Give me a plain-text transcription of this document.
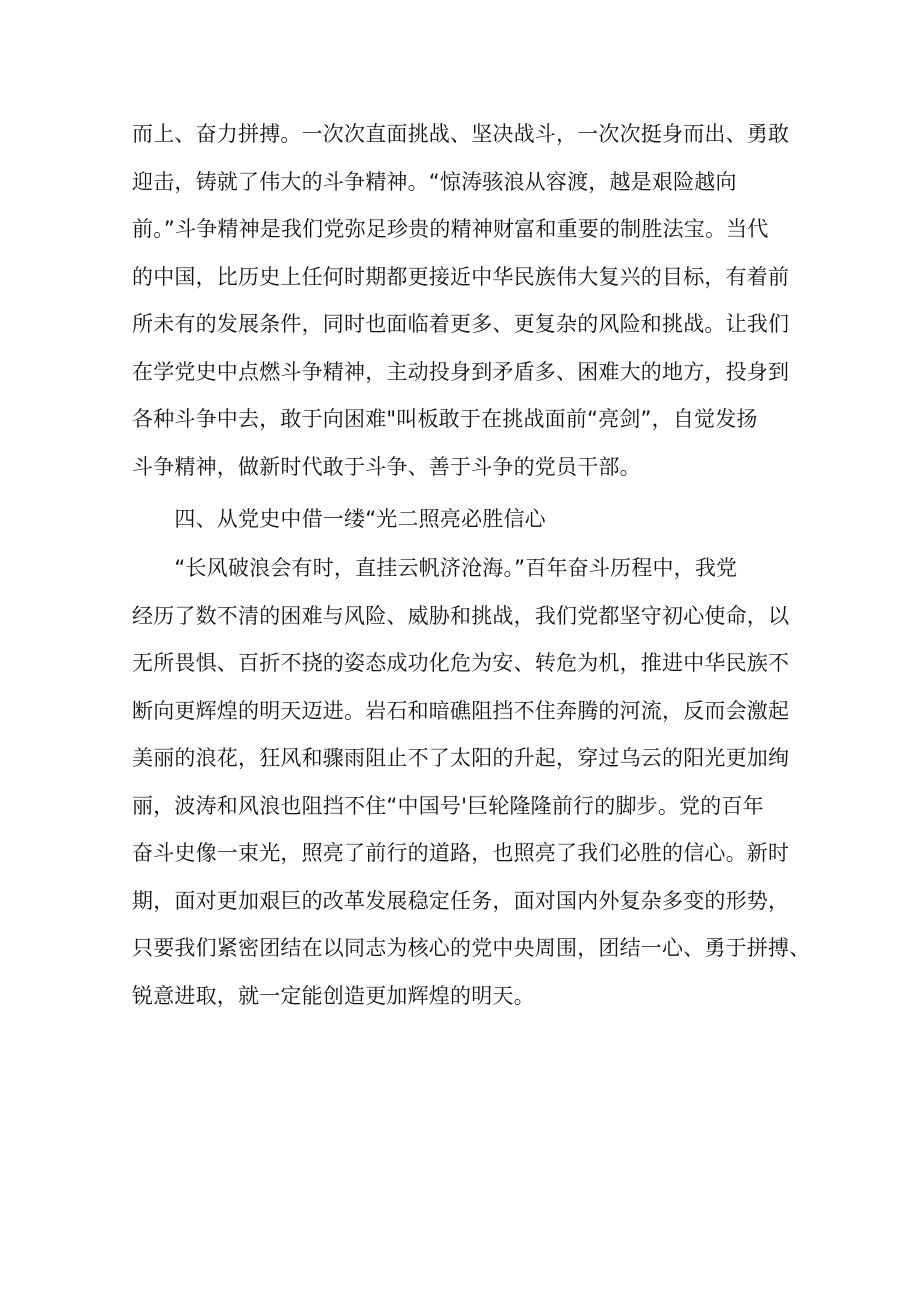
而上、奋力拼搏。一次次直面挑战、坚决战斗，一次次挺身而出、勇敢
迎击，铸就了伟大的斗争精神。“惊涛骇浪从容渡，越是艰险越向
前。”斗争精神是我们党弥足珍贵的精神财富和重要的制胜法宝。当代
的中国，比历史上任何时期都更接近中华民族伟大复兴的目标，有着前
所未有的发展条件，同时也面临着更多、更复杂的风险和挑战。让我们
在学党史中点燃斗争精神，主动投身到矛盾多、困难大的地方，投身到
各种斗争中去，敢于向困难"叫板敢于在挑战面前“亮剑”，自觉发扬
斗争精神，做新时代敢于斗争、善于斗争的党员干部。
　　四、从党史中借一缕“光二照亮必胜信心
　　“长风破浪会有时，直挂云帆济沧海。”百年奋斗历程中，我党
经历了数不清的困难与风险、威胁和挑战，我们党都坚守初心使命，以
无所畏惧、百折不挠的姿态成功化危为安、转危为机，推进中华民族不
断向更辉煌的明天迈进。岩石和暗礁阻挡不住奔腾的河流，反而会激起
美丽的浪花，狂风和骤雨阻止不了太阳的升起，穿过乌云的阳光更加绚
丽，波涛和风浪也阻挡不住“中国号'巨轮隆隆前行的脚步。党的百年
奋斗史像一束光，照亮了前行的道路，也照亮了我们必胜的信心。新时
期，面对更加艰巨的改革发展稳定任务，面对国内外复杂多变的形势，
只要我们紧密团结在以同志为核心的党中央周围，团结一心、勇于拼搏、
锐意进取，就一定能创造更加辉煌的明天。
